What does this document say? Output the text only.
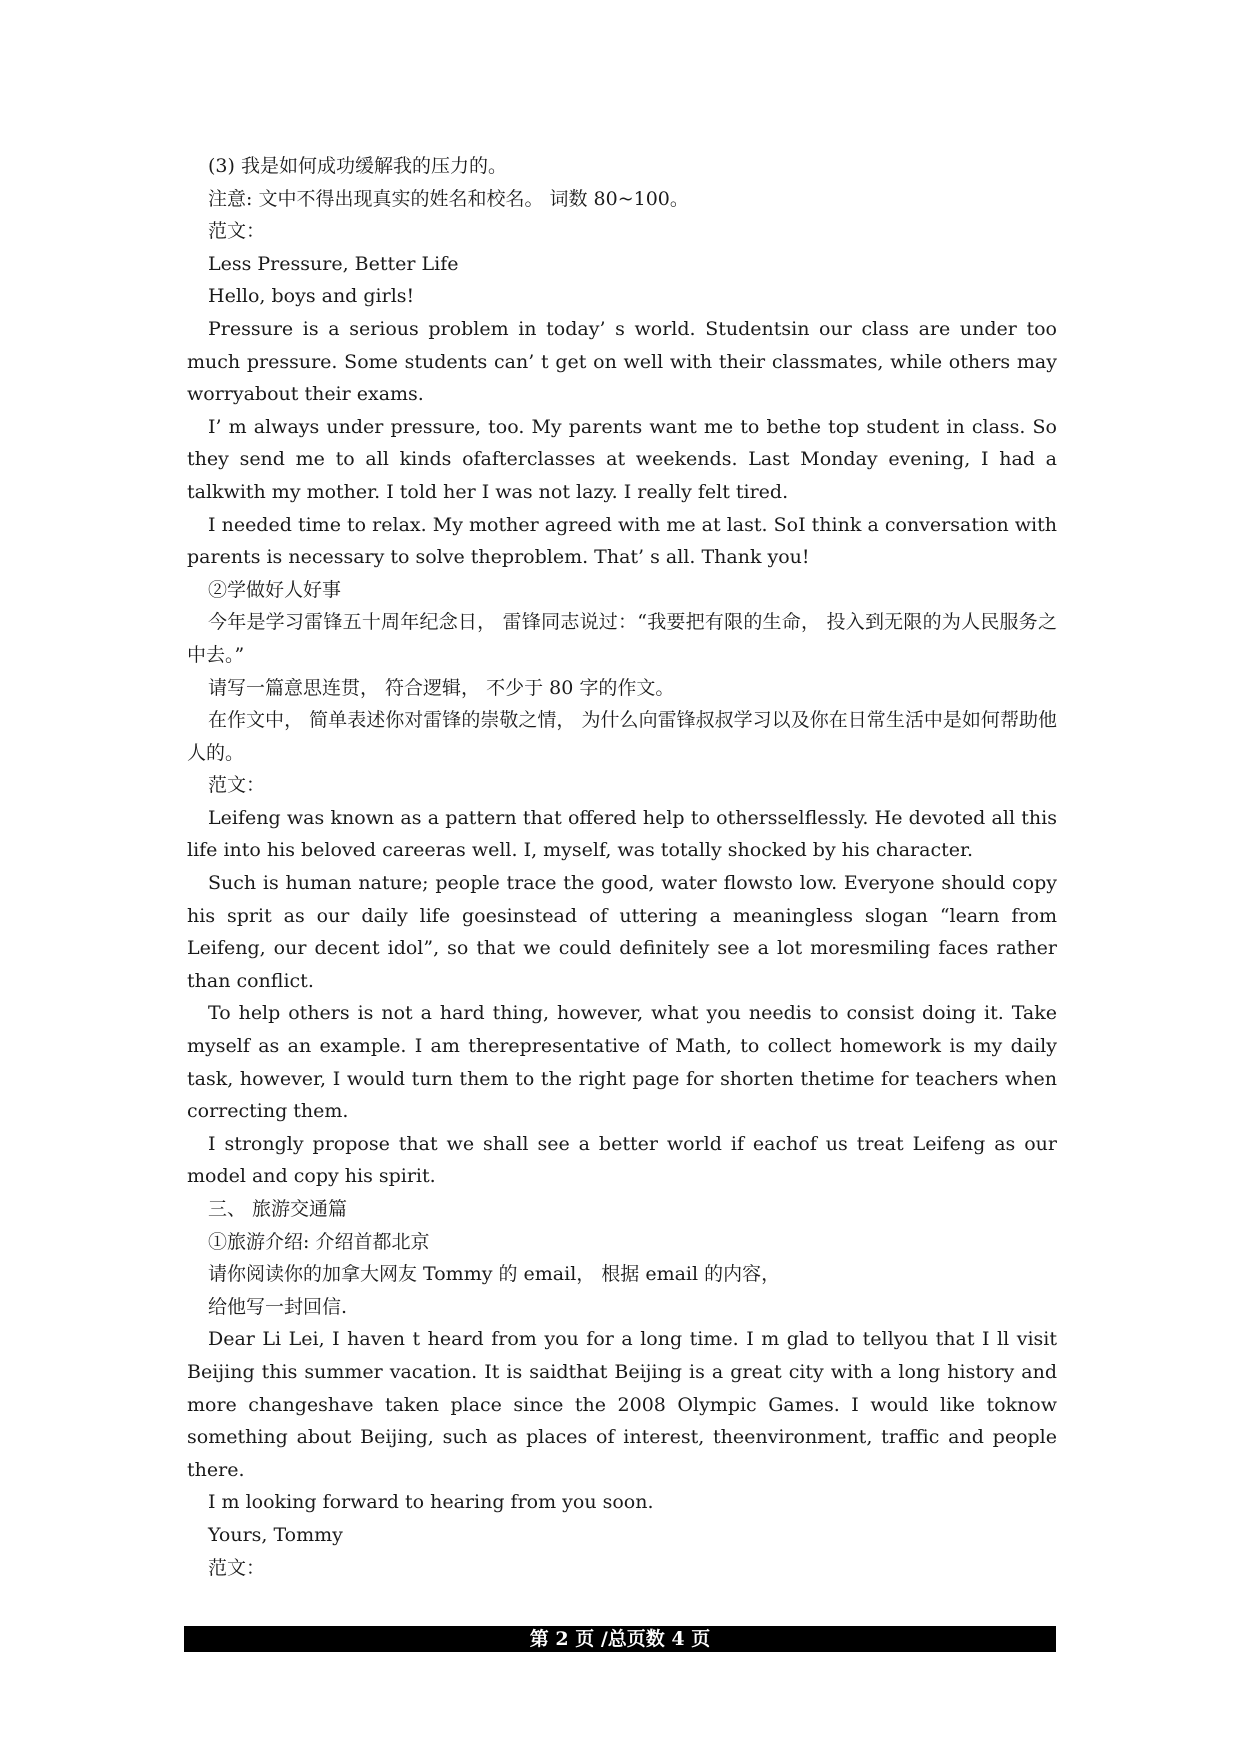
(3) 我是如何成功缓解我的压力的。

注意: 文中不得出现真实的姓名和校名。 词数 80~100。

范文：

Less Pressure, Better Life

Hello, boys and girls!

Pressure is a serious problem in today’ s world. Studentsin our class are under too much pressure. Some students can’ t get on well with their classmates, while others may worryabout their exams.

I’ m always under pressure, too. My parents want me to bethe top student in class. So they send me to all kinds ofafterclasses at weekends. Last Monday evening, I had a talkwith my mother. I told her I was not lazy. I really felt tired.

I needed time to relax. My mother agreed with me at last. SoI think a conversation with parents is necessary to solve theproblem. That’ s all. Thank you!

②学做好人好事

今年是学习雷锋五十周年纪念日， 雷锋同志说过：“我要把有限的生命， 投入到无限的为人民服务之中去。”

请写一篇意思连贯， 符合逻辑， 不少于 80 字的作文。

在作文中， 简单表述你对雷锋的崇敬之情， 为什么向雷锋叔叔学习以及你在日常生活中是如何帮助他人的。

范文：

Leifeng was known as a pattern that offered help to othersselflessly. He devoted all this life into his beloved careeras well. I, myself, was totally shocked by his character.

Such is human nature; people trace the good, water flowsto low. Everyone should copy his sprit as our daily life goesinstead of uttering a meaningless slogan “learn from Leifeng, our decent idol”, so that we could definitely see a lot moresmiling faces rather than conflict.

To help others is not a hard thing, however, what you needis to consist doing it. Take myself as an example. I am therepresentative of Math, to collect homework is my daily task, however, I would turn them to the right page for shorten thetime for teachers when correcting them.

I strongly propose that we shall see a better world if eachof us treat Leifeng as our model and copy his spirit.

三、 旅游交通篇

①旅游介绍: 介绍首都北京

请你阅读你的加拿大网友 Tommy 的 email， 根据 email 的内容，

给他写一封回信.

Dear Li Lei, I haven t heard from you for a long time. I m glad to tellyou that I ll visit Beijing this summer vacation. It is saidthat Beijing is a great city with a long history and more changeshave taken place since the 2008 Olympic Games. I would like toknow something about Beijing, such as places of interest, theenvironment, traffic and people there.

I m looking forward to hearing from you soon.

Yours, Tommy

范文：

第 2 页 /总页数 4 页
